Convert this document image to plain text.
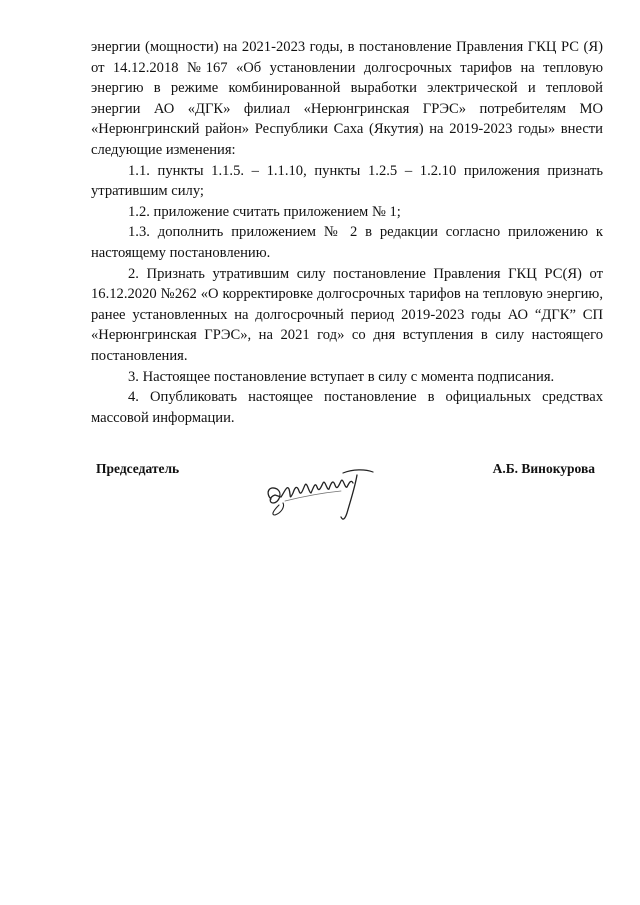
энергии (мощности) на 2021-2023 годы, в постановление Правления ГКЦ РС (Я) от 14.12.2018 №167 «Об установлении долгосрочных тарифов на тепловую энергию в режиме комбинированной выработки электрической и тепловой энергии АО «ДГК» филиал «Нерюнгринская ГРЭС» потребителям МО «Нерюнгринский район» Республики Саха (Якутия) на 2019-2023 годы» внести следующие изменения:

1.1. пункты 1.1.5. – 1.1.10, пункты 1.2.5 – 1.2.10 приложения признать утратившим силу;

1.2. приложение считать приложением № 1;

1.3. дополнить приложением № 2 в редакции согласно приложению к настоящему постановлению.

2. Признать утратившим силу постановление Правления ГКЦ РС(Я) от 16.12.2020 №262 «О корректировке долгосрочных тарифов на тепловую энергию, ранее установленных на долгосрочный период 2019-2023 годы АО “ДГК” СП «Нерюнгринская ГРЭС», на 2021 год» со дня вступления в силу настоящего постановления.

3. Настоящее постановление вступает в силу с момента подписания.

4. Опубликовать настоящее постановление в официальных средствах массовой информации.

Председатель	А.Б. Винокурова
